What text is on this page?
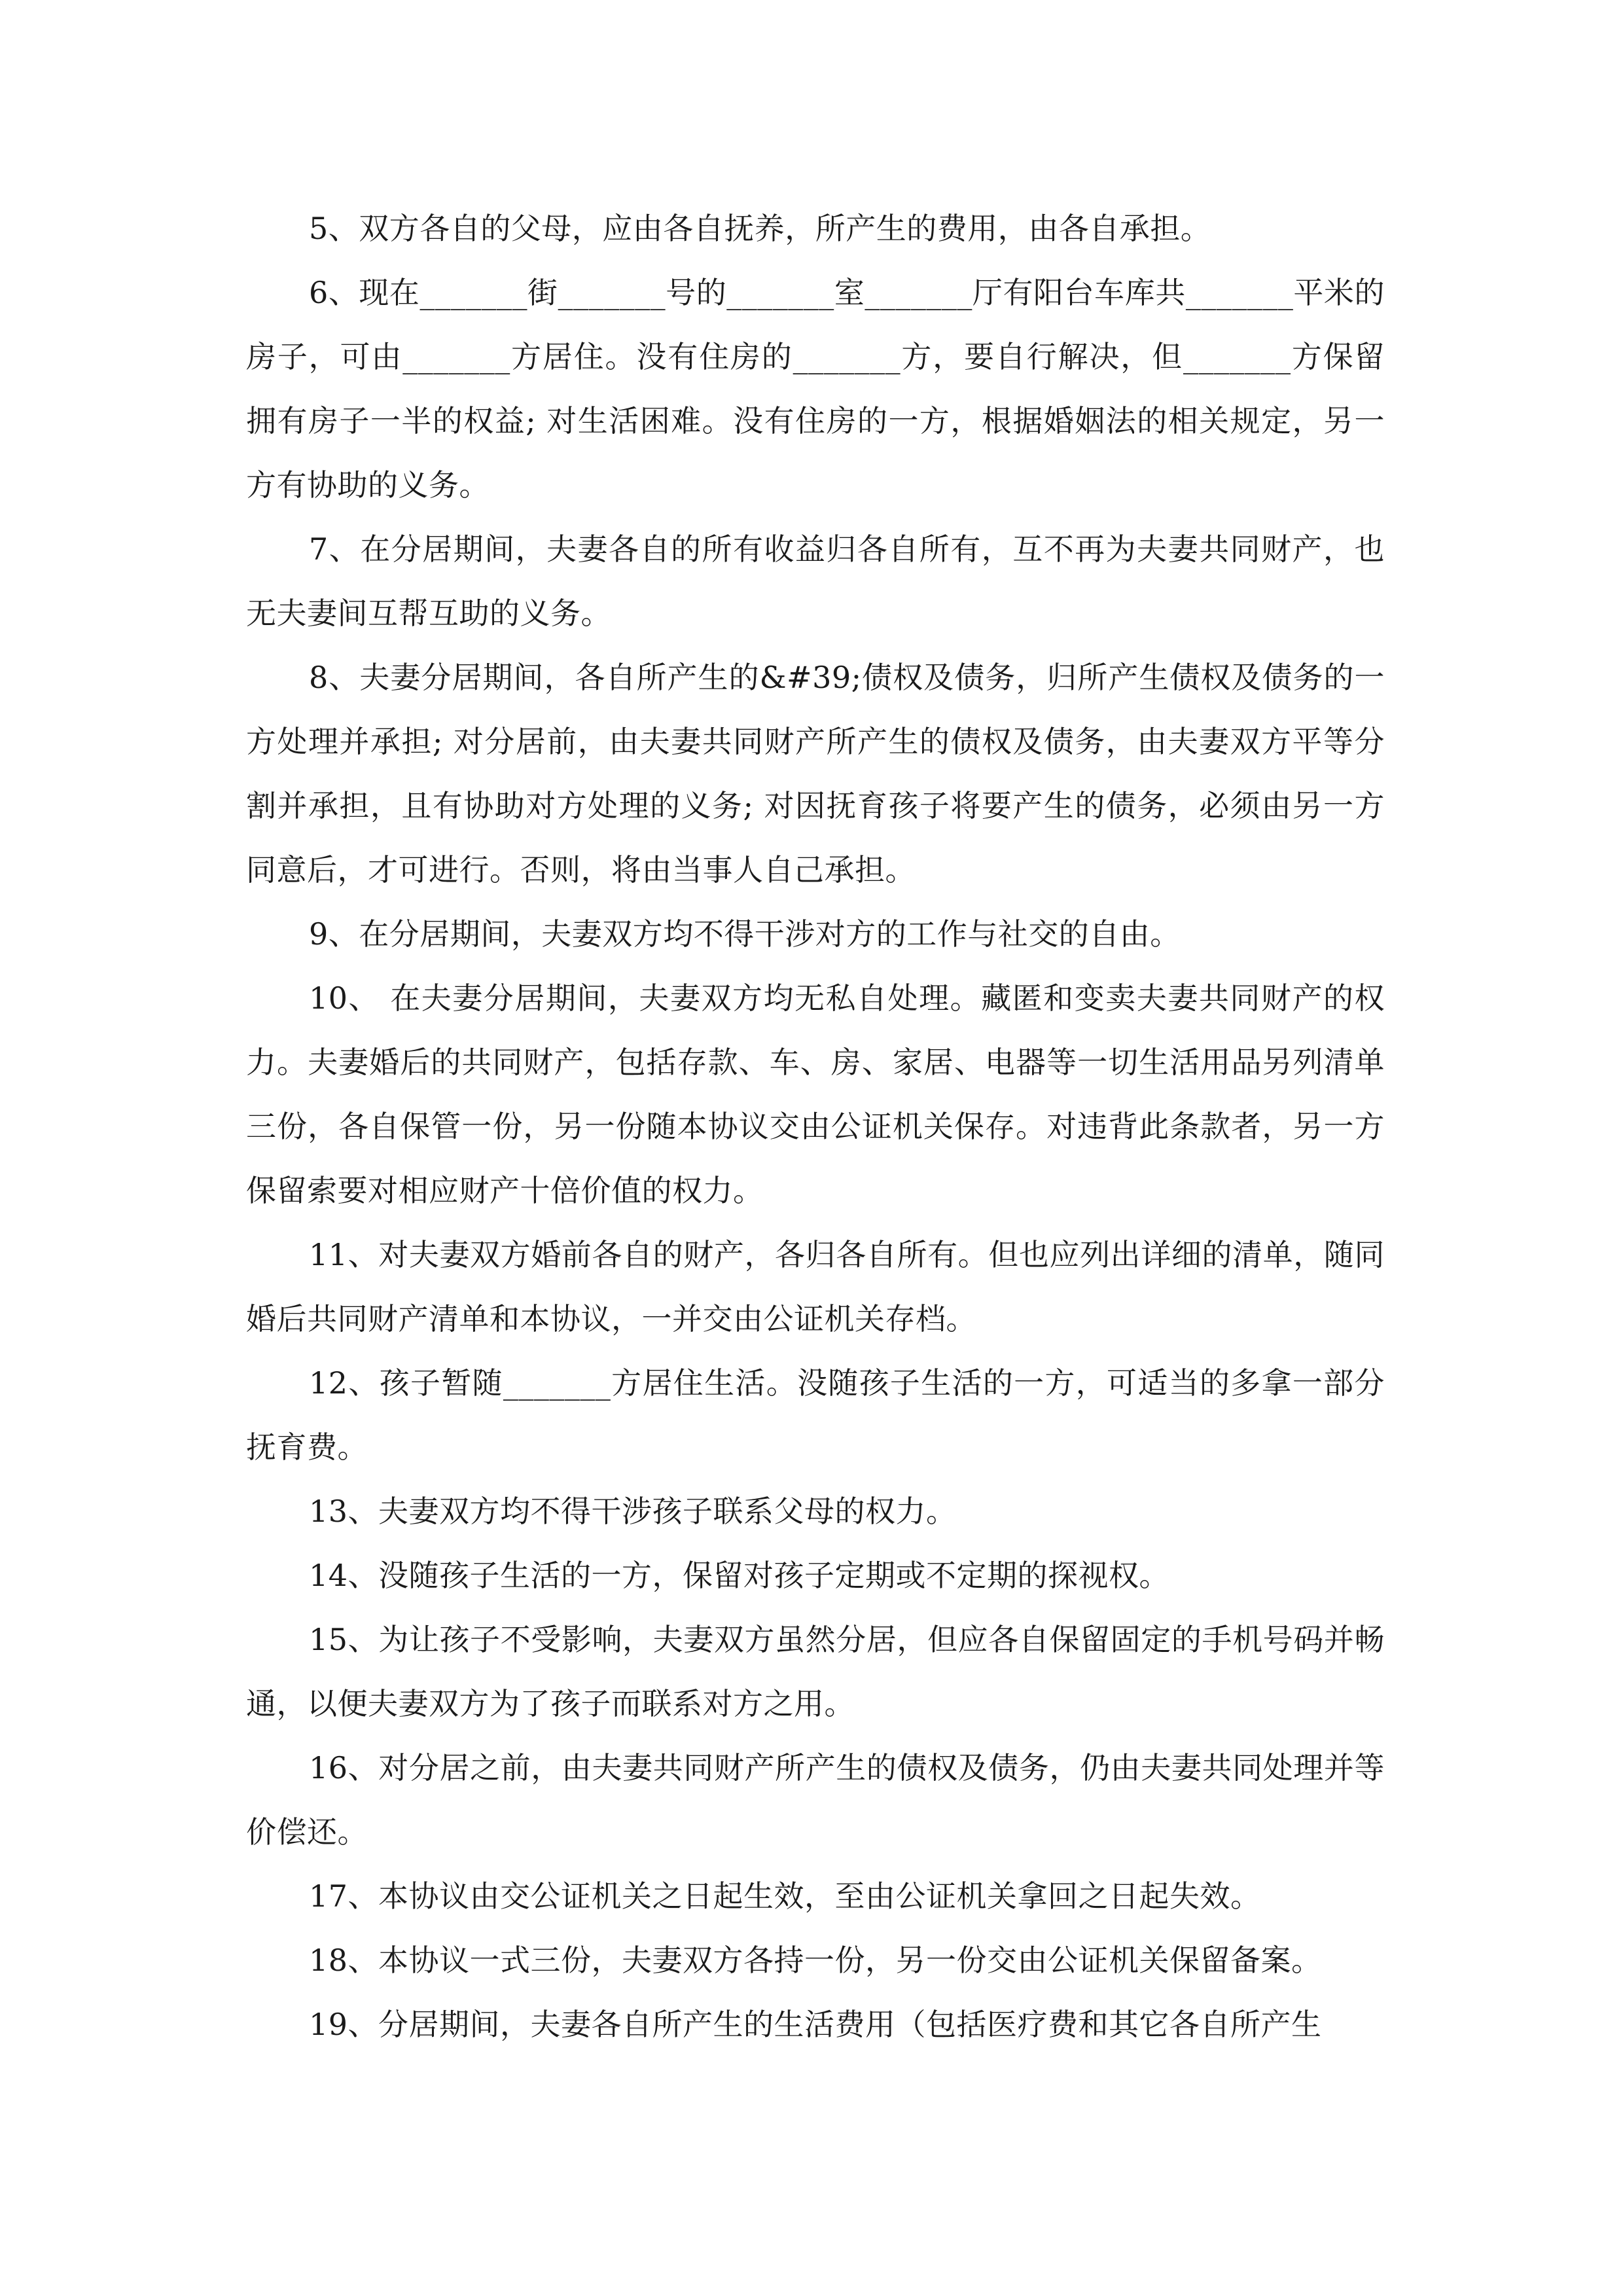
5、双方各自的父母，应由各自抚养，所产生的费用，由各自承担。

6、现在_______街_______号的_______室_______厅有阳台车库共_______平米的房子，可由_______方居住。没有住房的_______方，要自行解决，但_______方保留拥有房子一半的权益; 对生活困难。没有住房的一方，根据婚姻法的相关规定，另一方有协助的义务。

7、在分居期间，夫妻各自的所有收益归各自所有，互不再为夫妻共同财产，也无夫妻间互帮互助的义务。

8、夫妻分居期间，各自所产生的&#39;债权及债务，归所产生债权及债务的一方处理并承担; 对分居前，由夫妻共同财产所产生的债权及债务，由夫妻双方平等分割并承担，且有协助对方处理的义务; 对因抚育孩子将要产生的债务，必须由另一方同意后，才可进行。否则，将由当事人自己承担。

9、在分居期间，夫妻双方均不得干涉对方的工作与社交的自由。

10、 在夫妻分居期间，夫妻双方均无私自处理。藏匿和变卖夫妻共同财产的权力。夫妻婚后的共同财产，包括存款、车、房、家居、电器等一切生活用品另列清单三份，各自保管一份，另一份随本协议交由公证机关保存。对违背此条款者，另一方保留索要对相应财产十倍价值的权力。

11、对夫妻双方婚前各自的财产，各归各自所有。但也应列出详细的清单，随同婚后共同财产清单和本协议，一并交由公证机关存档。

12、孩子暂随_______方居住生活。没随孩子生活的一方，可适当的多拿一部分抚育费。

13、夫妻双方均不得干涉孩子联系父母的权力。

14、没随孩子生活的一方，保留对孩子定期或不定期的探视权。

15、为让孩子不受影响，夫妻双方虽然分居，但应各自保留固定的手机号码并畅通，以便夫妻双方为了孩子而联系对方之用。

16、对分居之前，由夫妻共同财产所产生的债权及债务，仍由夫妻共同处理并等价偿还。

17、本协议由交公证机关之日起生效，至由公证机关拿回之日起失效。

18、本协议一式三份，夫妻双方各持一份，另一份交由公证机关保留备案。

19、分居期间，夫妻各自所产生的生活费用（包括医疗费和其它各自所产生
